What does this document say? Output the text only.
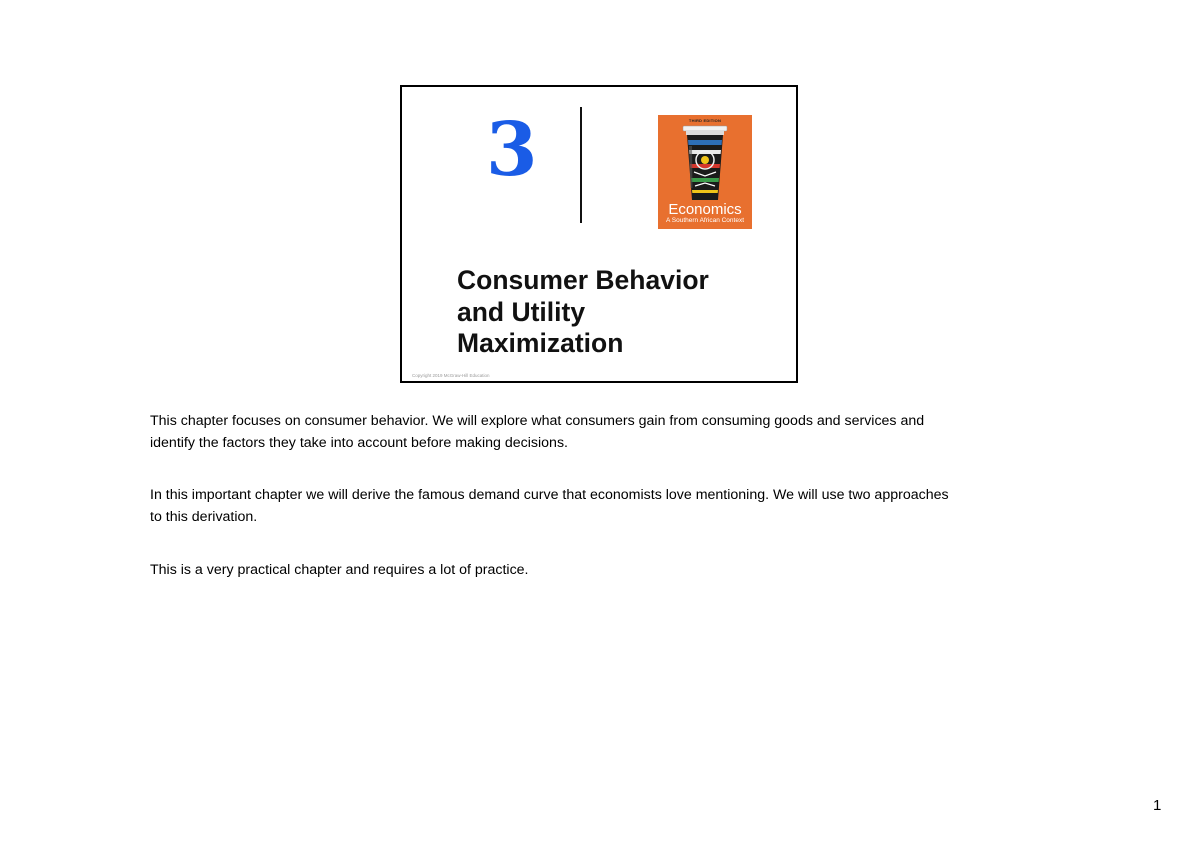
3	THIRD EDITION
Economics
A Southern African Context
Consumer Behavior
and Utility
Maximization
Copyright 2019 McGraw-Hill Education
This chapter focuses on consumer behavior. We will explore what consumers gain from consuming goods and services and
identify the factors they take into account before making decisions.
In this important chapter we will derive the famous demand curve that economists love mentioning. We will use two approaches
to this derivation.
This is a very practical chapter and requires a lot of practice.
1
